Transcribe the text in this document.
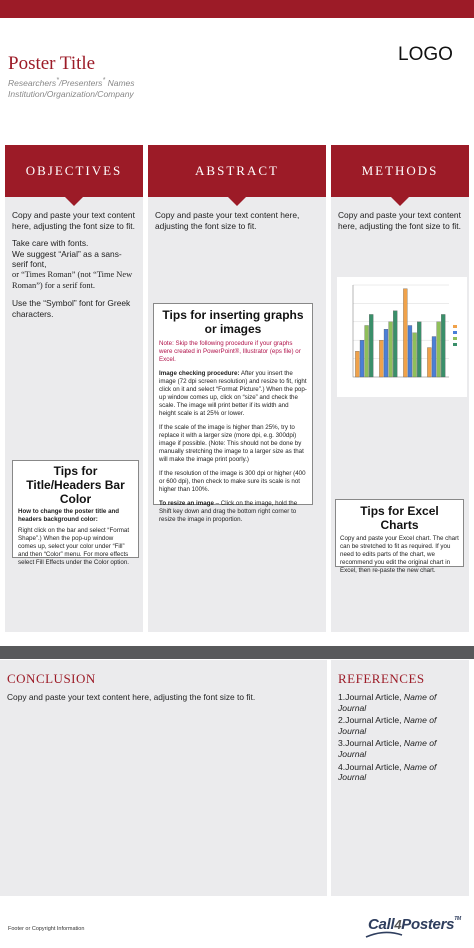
Poster Title
Researchers*/Presenters* Names
Institution/Organization/Company
LOGO
OBJECTIVES

Copy and paste your text content here, adjusting the font size to fit.

Take care with fonts.

We suggest “Arial” as a sans-serif font,

or “Times Roman” (not “Time New Roman”) for a serif font.

Use the “Symbol” font for Greek characters.

Tips for Title/Headers Bar Color
How to change the poster title and headers background color:
Right click on the bar and select “Format Shape”.) When the pop-up window comes up, select your color under “Fill” and then “Color” menu. For more effects select Fill Effects under the Color option.
ABSTRACT

Copy and paste your text content here, adjusting the font size to fit.

Tips for inserting graphs or images
Note: Skip the following procedure if your graphs were created in PowerPoint®, Illustrator (eps file) or Excel.
Image checking procedure: After you insert the image (72 dpi screen resolution) and resize to fit, right click on it and select “Format Picture”.) When the pop-up window comes up, click on “size” and check the scale. The image will print better if its width and height scale is at 25% or lower.
If the scale of the image is higher than 25%, try to replace it with a larger size (more dpi, e.g. 300dpi) image if possible. (Note: This should not be done by manually stretching the image to a larger size as that will make the image print poorly.)
If the resolution of the image is 300 dpi or higher (400 or 600 dpi), then check to make sure its scale is not higher than 100%.
To resize an image – Click on the image, hold the Shift key down and drag the bottom right corner to resize the image in proportion.
METHODS

Copy and paste your text content here, adjusting the font size to fit.

Tips for Excel Charts
Copy and paste your Excel chart. The chart can be stretched to fit as required. If you need to edits parts of the chart, we recommend you edit the original chart in Excel, then re-paste the new chart.
CONCLUSION

Copy and paste your text content here, adjusting the font size to fit.

REFERENCES

1.Journal Article, Name of Journal

2.Journal Article, Name of Journal

3.Journal Article, Name of Journal

4.Journal Article, Name of Journal

Footer or Copyright Information	Call4Posters™
